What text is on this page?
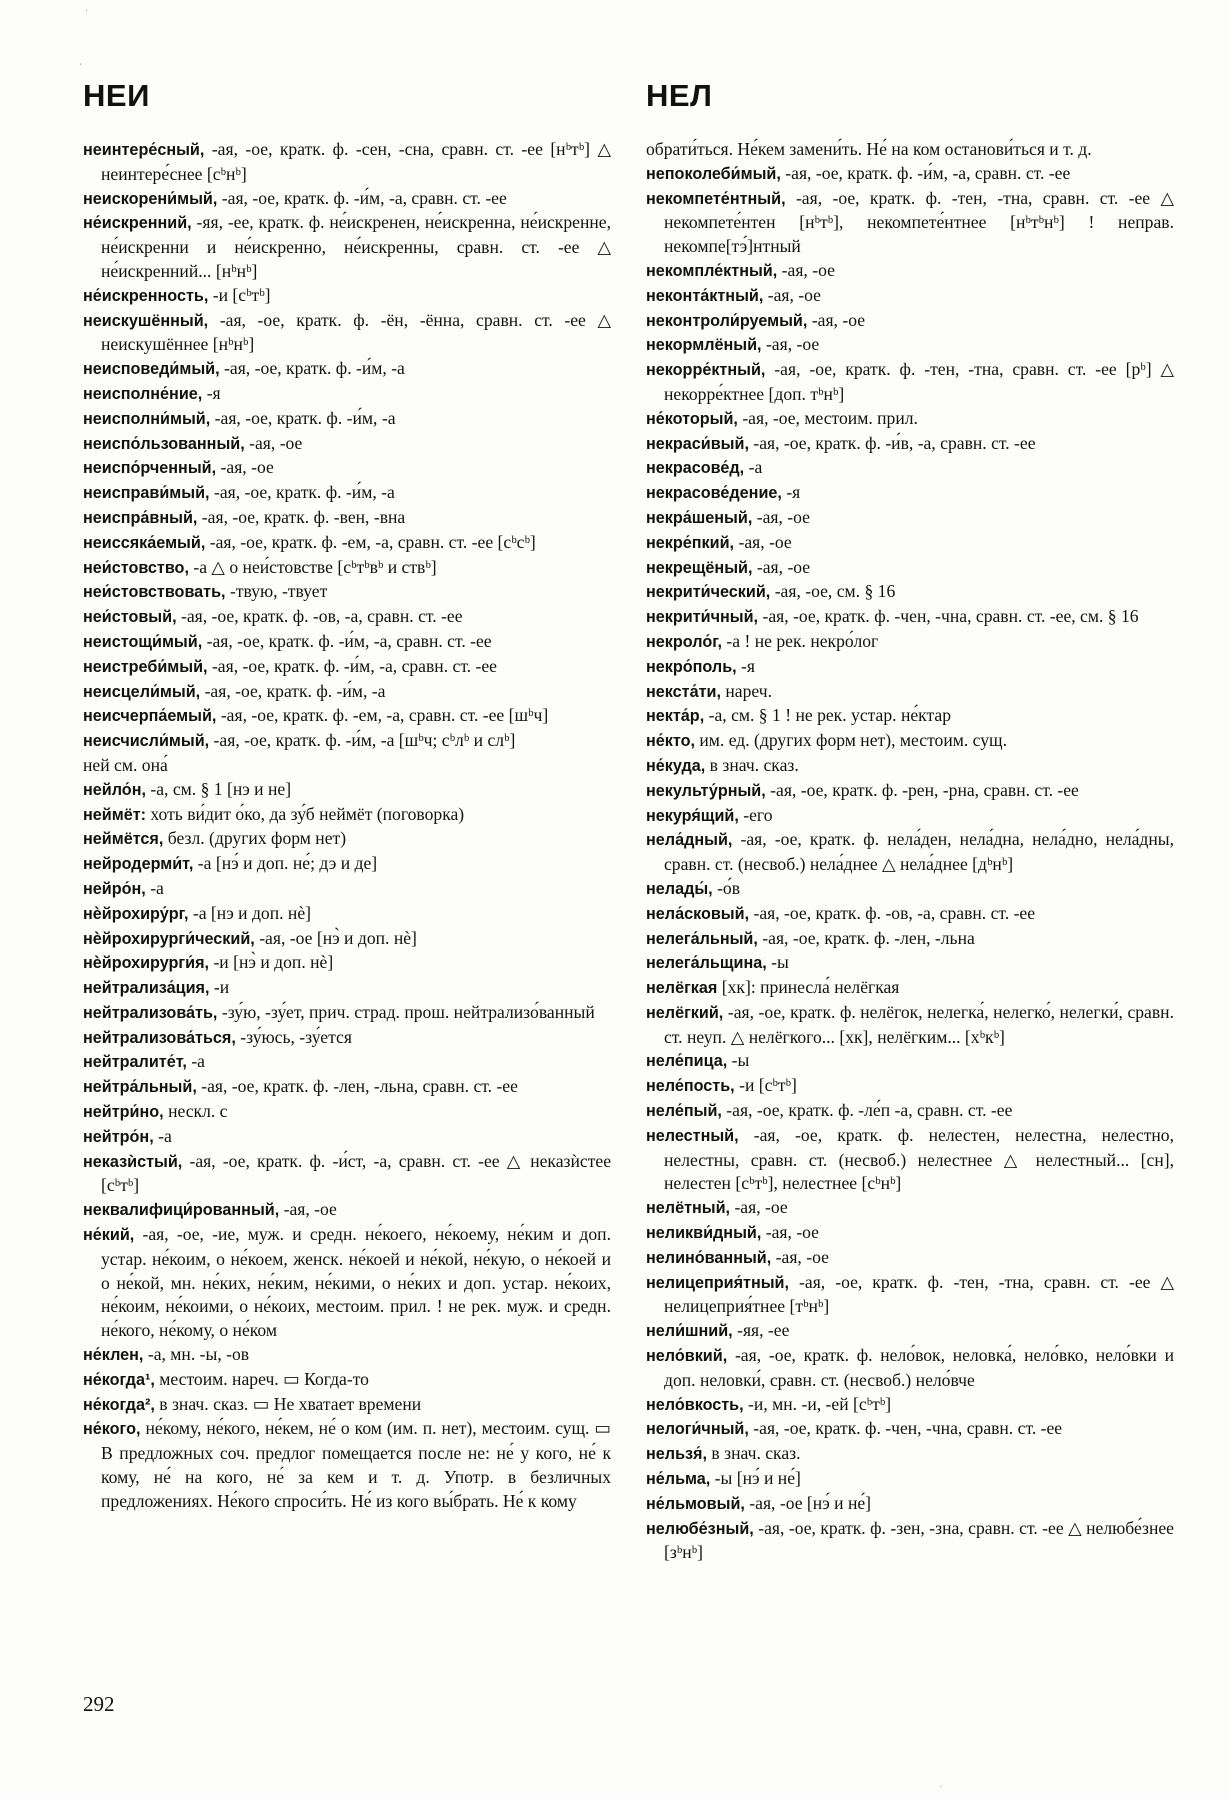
НЕИ	НЕЛ

неинтере́сный, -ая, -ое, кратк. ф. -сен, -сна, сравн. ст. -ее [нᵇтᵇ] △ неинтере́снее [сᵇнᵇ]

неискорени́мый, -ая, -ое, кратк. ф. -и́м, -а, сравн. ст. -ее

не́искренний, -яя, -ее, кратк. ф. не́искренен, не́искренна, не́искренне, не́искренни и не́искренно, не́искренны, сравн. ст. -ее △ не́искренний... [нᵇнᵇ]

не́искренность, -и [сᵇтᵇ]

неискушённый, -ая, -ое, кратк. ф. -ён, -ённа, сравн. ст. -ее △ неискушённее [нᵇнᵇ]

неисповеди́мый, -ая, -ое, кратк. ф. -и́м, -а

неисполне́ние, -я

неисполни́мый, -ая, -ое, кратк. ф. -и́м, -а

неиспо́льзованный, -ая, -ое

неиспо́рченный, -ая, -ое

неисправи́мый, -ая, -ое, кратк. ф. -и́м, -а

неиспра́вный, -ая, -ое, кратк. ф. -вен, -вна

неиссяка́емый, -ая, -ое, кратк. ф. -ем, -а, сравн. ст. -ее [сᵇсᵇ]

неи́стовство, -а △ о неи́стовстве [сᵇтᵇвᵇ и ствᵇ]

неи́стовствовать, -твую, -твует

неи́стовый, -ая, -ое, кратк. ф. -ов, -а, сравн. ст. -ее

неистощи́мый, -ая, -ое, кратк. ф. -и́м, -а, сравн. ст. -ее

неистреби́мый, -ая, -ое, кратк. ф. -и́м, -а, сравн. ст. -ее

неисцели́мый, -ая, -ое, кратк. ф. -и́м, -а

неисчерпа́емый, -ая, -ое, кратк. ф. -ем, -а, сравн. ст. -ее [шᵇч]

неисчисли́мый, -ая, -ое, кратк. ф. -и́м, -а [шᵇч; сᵇлᵇ и слᵇ]

ней см. она́

нейло́н, -а, см. § 1 [нэ и не]

неймёт: хоть ви́дит о́ко, да зу́б неймёт (поговорка)

неймётся, безл. (других форм нет)

нейродерми́т, -а [нэ́ и доп. не́; дэ и де]

нейро́н, -а

нѐйрохиру́рг, -а [нэ и доп. нѐ]

нѐйрохирурги́ческий, -ая, -ое [нэ̀ и доп. нѐ]

нѐйрохирурги́я, -и [нэ̀ и доп. нѐ]

нейтрализа́ция, -и

нейтрализова́ть, -зу́ю, -зу́ет, прич. страд. прош. нейтрализо́ванный

нейтрализова́ться, -зу́юсь, -зу́ется

нейтралите́т, -а

нейтра́льный, -ая, -ое, кратк. ф. -лен, -льна, сравн. ст. -ее

нейтри́но, нескл. с

нейтро́н, -а

неказѝстый, -ая, -ое, кратк. ф. -и́ст, -а, сравн. ст. -ее △ неказѝстее [сᵇтᵇ]

неквалифици́рованный, -ая, -ое

не́кий, -ая, -ое, -ие, муж. и средн. не́коего, не́коему, не́ким и доп. устар. не́коим, о не́коем, женск. не́коей и не́кой, не́кую, о не́коей и о не́кой, мн. не́ких, не́ким, не́кими, о не́ких и доп. устар. не́коих, не́коим, не́коими, о не́коих, местоим. прил. ! не рек. муж. и средн. не́кого, не́кому, о не́ком

не́клен, -а, мн. -ы, -ов

не́когда¹, местоим. нареч. ▭ Когда-то

не́когда², в знач. сказ. ▭ Не хватает времени

не́кого, не́кому, не́кого, не́кем, не́ о ком (им. п. нет), местоим. сущ. ▭ В предложных соч. предлог помещается после не: не́ у кого, не́ к кому, не́ на кого, не́ за кем и т. д. Употр. в безличных предложениях. Не́кого спроси́ть. Не́ из кого вы́брать. Не́ к кому

обрати́ться. Не́кем замени́ть. Не́ на ком останови́ться и т. д.

непоколеби́мый, -ая, -ое, кратк. ф. -и́м, -а, сравн. ст. -ее

некомпете́нтный, -ая, -ое, кратк. ф. -тен, -тна, сравн. ст. -ее △ некомпете́нтен [нᵇтᵇ], некомпете́нтнее [нᵇтᵇнᵇ] ! неправ. некомпе[тэ́]нтный

некомпле́ктный, -ая, -ое

неконта́ктный, -ая, -ое

неконтроли́руемый, -ая, -ое

некормлёный, -ая, -ое

некорре́ктный, -ая, -ое, кратк. ф. -тен, -тна, сравн. ст. -ее [рᵇ] △ некорре́ктнее [доп. тᵇнᵇ]

не́который, -ая, -ое, местоим. прил.

некраси́вый, -ая, -ое, кратк. ф. -и́в, -а, сравн. ст. -ее

некрасове́д, -а

некрасове́дение, -я

некра́шеный, -ая, -ое

некре́пкий, -ая, -ое

некрещёный, -ая, -ое

некрити́ческий, -ая, -ое, см. § 16

некрити́чный, -ая, -ое, кратк. ф. -чен, -чна, сравн. ст. -ее, см. § 16

некроло́г, -а ! не рек. некро́лог

некро́поль, -я

некста́ти, нареч.

некта́р, -а, см. § 1 ! не рек. устар. не́ктар

не́кто, им. ед. (других форм нет), местоим. сущ.

не́куда, в знач. сказ.

некульту́рный, -ая, -ое, кратк. ф. -рен, -рна, сравн. ст. -ее

некуря́щий, -его

нела́дный, -ая, -ое, кратк. ф. нела́ден, нела́дна, нела́дно, нела́дны, сравн. ст. (несвоб.) нела́днее △ нела́днее [дᵇнᵇ]

нелады́, -о́в

нела́сковый, -ая, -ое, кратк. ф. -ов, -а, сравн. ст. -ее

нелега́льный, -ая, -ое, кратк. ф. -лен, -льна

нелега́льщина, -ы

нелёгкая [хк]: принесла́ нелёгкая

нелёгкий, -ая, -ое, кратк. ф. нелёгок, нелегка́, нелегко́, нелегки́, сравн. ст. неуп. △ нелёгкого... [хк], нелёгким... [хᵇкᵇ]

неле́пица, -ы

неле́пость, -и [сᵇтᵇ]

неле́пый, -ая, -ое, кратк. ф. -ле́п -а, сравн. ст. -ее

нелестный, -ая, -ое, кратк. ф. нелестен, нелестна, нелестно, нелестны, сравн. ст. (несвоб.) нелестнее △ нелестный... [сн], нелестен [сᵇтᵇ], нелестнее [сᵇнᵇ]

нелётный, -ая, -ое

неликви́дный, -ая, -ое

нелино́ванный, -ая, -ое

нелицеприя́тный, -ая, -ое, кратк. ф. -тен, -тна, сравн. ст. -ее △ нелицеприя́тнее [тᵇнᵇ]

нели́шний, -яя, -ее

нело́вкий, -ая, -ое, кратк. ф. нело́вок, неловка́, нело́вко, нело́вки и доп. неловки́, сравн. ст. (несвоб.) нело́вче

нело́вкость, -и, мн. -и, -ей [сᵇтᵇ]

нелоги́чный, -ая, -ое, кратк. ф. -чен, -чна, сравн. ст. -ее

нельзя́, в знач. сказ.

не́льма, -ы [нэ́ и не́]

не́льмовый, -ая, -ое [нэ́ и не́]

нелюбе́зный, -ая, -ое, кратк. ф. -зен, -зна, сравн. ст. -ее △ нелюбе́знее [зᵇнᵇ]

292
'
'
.
